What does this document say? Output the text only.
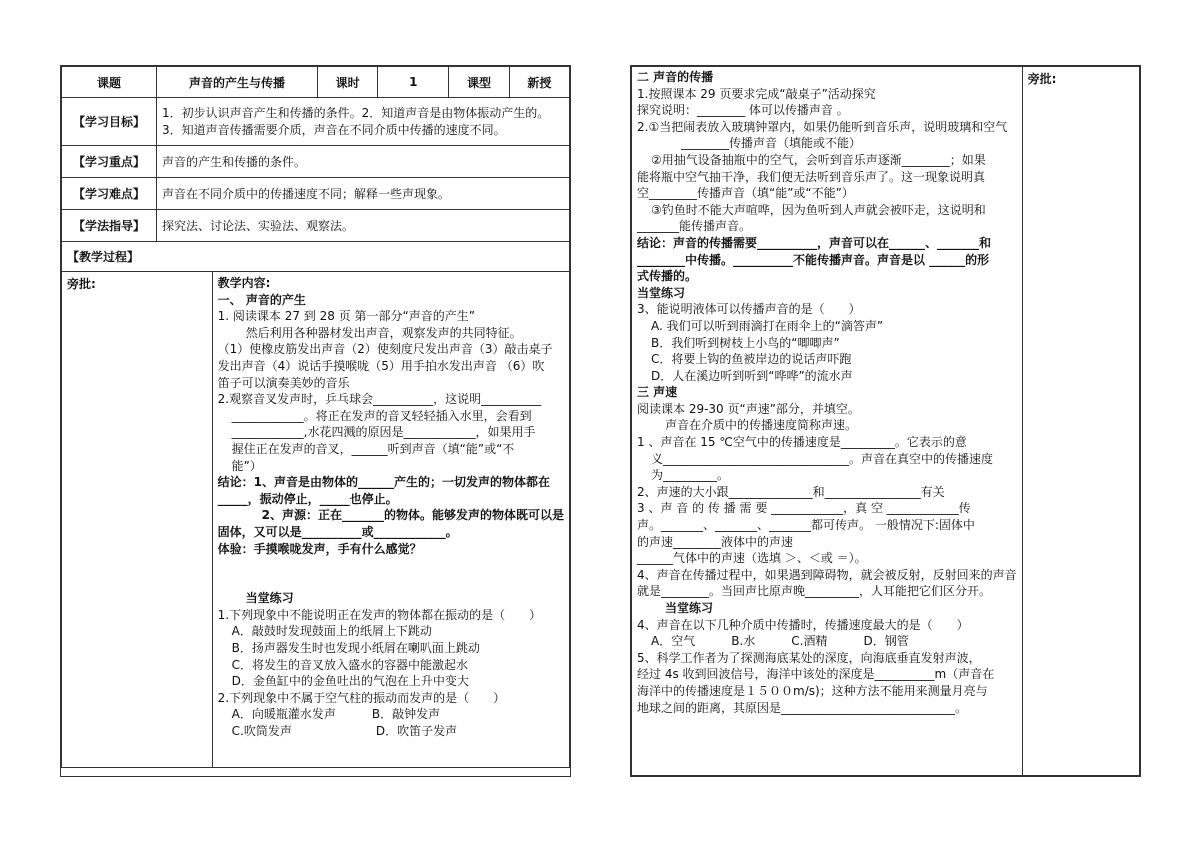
课题	声音的产生与传播	课时	1	课型	新授
【学习目标】	1．初步认识声音产生和传播的条件。2．知道声音是由物体振动产生的。
3．知道声音传播需要介质，声音在不同介质中传播的速度不同。

【学习重点】	声音的产生和传播的条件。
【学习难点】	声音在不同介质中的传播速度不同；解释一些声现象。
【学法指导】	探究法、讨论法、实验法、观察法。
【教学过程】	
旁批:	教学内容:
一、 声音的产生
1. 阅读课本 27 到 28 页 第一部分“声音的产生”
然后利用各种器材发出声音，观察发声的共同特征。
（1）使橡皮筋发出声音（2）使刻度尺发出声音（3）敲击桌子
发出声音（4）说话手摸喉咙（5）用手拍水发出声音 （6）吹
笛子可以演奏美妙的音乐
2.观察音叉发声时，乒乓球会__________，这说明__________
____________。将正在发声的音叉轻轻插入水里，会看到
____________,水花四溅的原因是____________，如果用手
握住正在发声的音叉，______听到声音（填“能”或“不
能”）
结论：1、声音是由物体的______产生的；一切发声的物体都在
_____，振动停止，_____也停止。
2、声源：正在_______的物体。能够发声的物体既可以是
固体，又可以是__________或____________。
体验：手摸喉咙发声，手有什么感觉？

当堂练习
1.下列现象中不能说明正在发声的物体都在振动的是（　　）
A．敲鼓时发现鼓面上的纸屑上下跳动
B．扬声器发生时也发现小纸屑在喇叭面上跳动
C．将发生的音叉放入盛水的容器中能激起水
D．金鱼缸中的金鱼吐出的气泡在上升中变大
2.下列现象中不属于空气柱的振动而发声的是（　　）
A．向暖瓶灌水发声　　　B．敲钟发声
C.吹筒发声　　　　　　　D．吹笛子发声
二 声音的传播
1.按照课本 29 页要求完成“敲桌子”活动探究
探究说明：________ 体可以传播声音 。
2.①当把闹表放入玻璃钟罩内，如果仍能听到音乐声，说明玻璃和空气
________传播声音（填能或不能）
②用抽气设备抽瓶中的空气，会听到音乐声逐渐________；如果
能将瓶中空气抽干净，我们便无法听到音乐声了。这一现象说明真
空________传播声音（填“能”或“不能”）
③钓鱼时不能大声喧哗，因为鱼听到人声就会被吓走，这说明和
_______能传播声音。
结论：声音的传播需要__________，声音可以在______、_______和
________中传播。__________不能传播声音。声音是以 ______的形
式传播的。
当堂练习
3、能说明液体可以传播声音的是（　　）
A. 我们可以听到雨滴打在雨伞上的“滴答声”
B．我们听到树枝上小鸟的“唧唧声”
C．将要上钩的鱼被岸边的说话声吓跑
D．人在溪边听到听到“哗哗”的流水声
三 声速
阅读课本 29-30 页“声速”部分，并填空。
声音在介质中的传播速度简称声速。
1 、声音在 15 ℃空气中的传播速度是_________。它表示的意
义_______________________________。声音在真空中的传播速度
为_________。
2、声速的大小跟______________和________________有关
3 、声 音 的 传 播 需 要 ____________，真 空 ____________传
声。_______、_______、_______都可传声。 一般情况下:固体中
的声速________液体中的声速
______气体中的声速（选填 ＞、＜或 ＝）。
4、声音在传播过程中，如果遇到障碍物，就会被反射，反射回来的声音
就是________。当回声比原声晚_________，人耳能把它们区分开。
当堂练习
4、声音在以下几种介质中传播时，传播速度最大的是（　　）
A．空气　　　B.水　　　C.酒精　　　D．钢管
5、科学工作者为了探测海底某处的深度，向海底垂直发射声波，
经过 4s 收到回波信号，海洋中该处的深度是__________m（声音在
海洋中的传播速度是１５００m/s)；这种方法不能用来测量月亮与
地球之间的距离，其原因是_____________________________。
	旁批:
